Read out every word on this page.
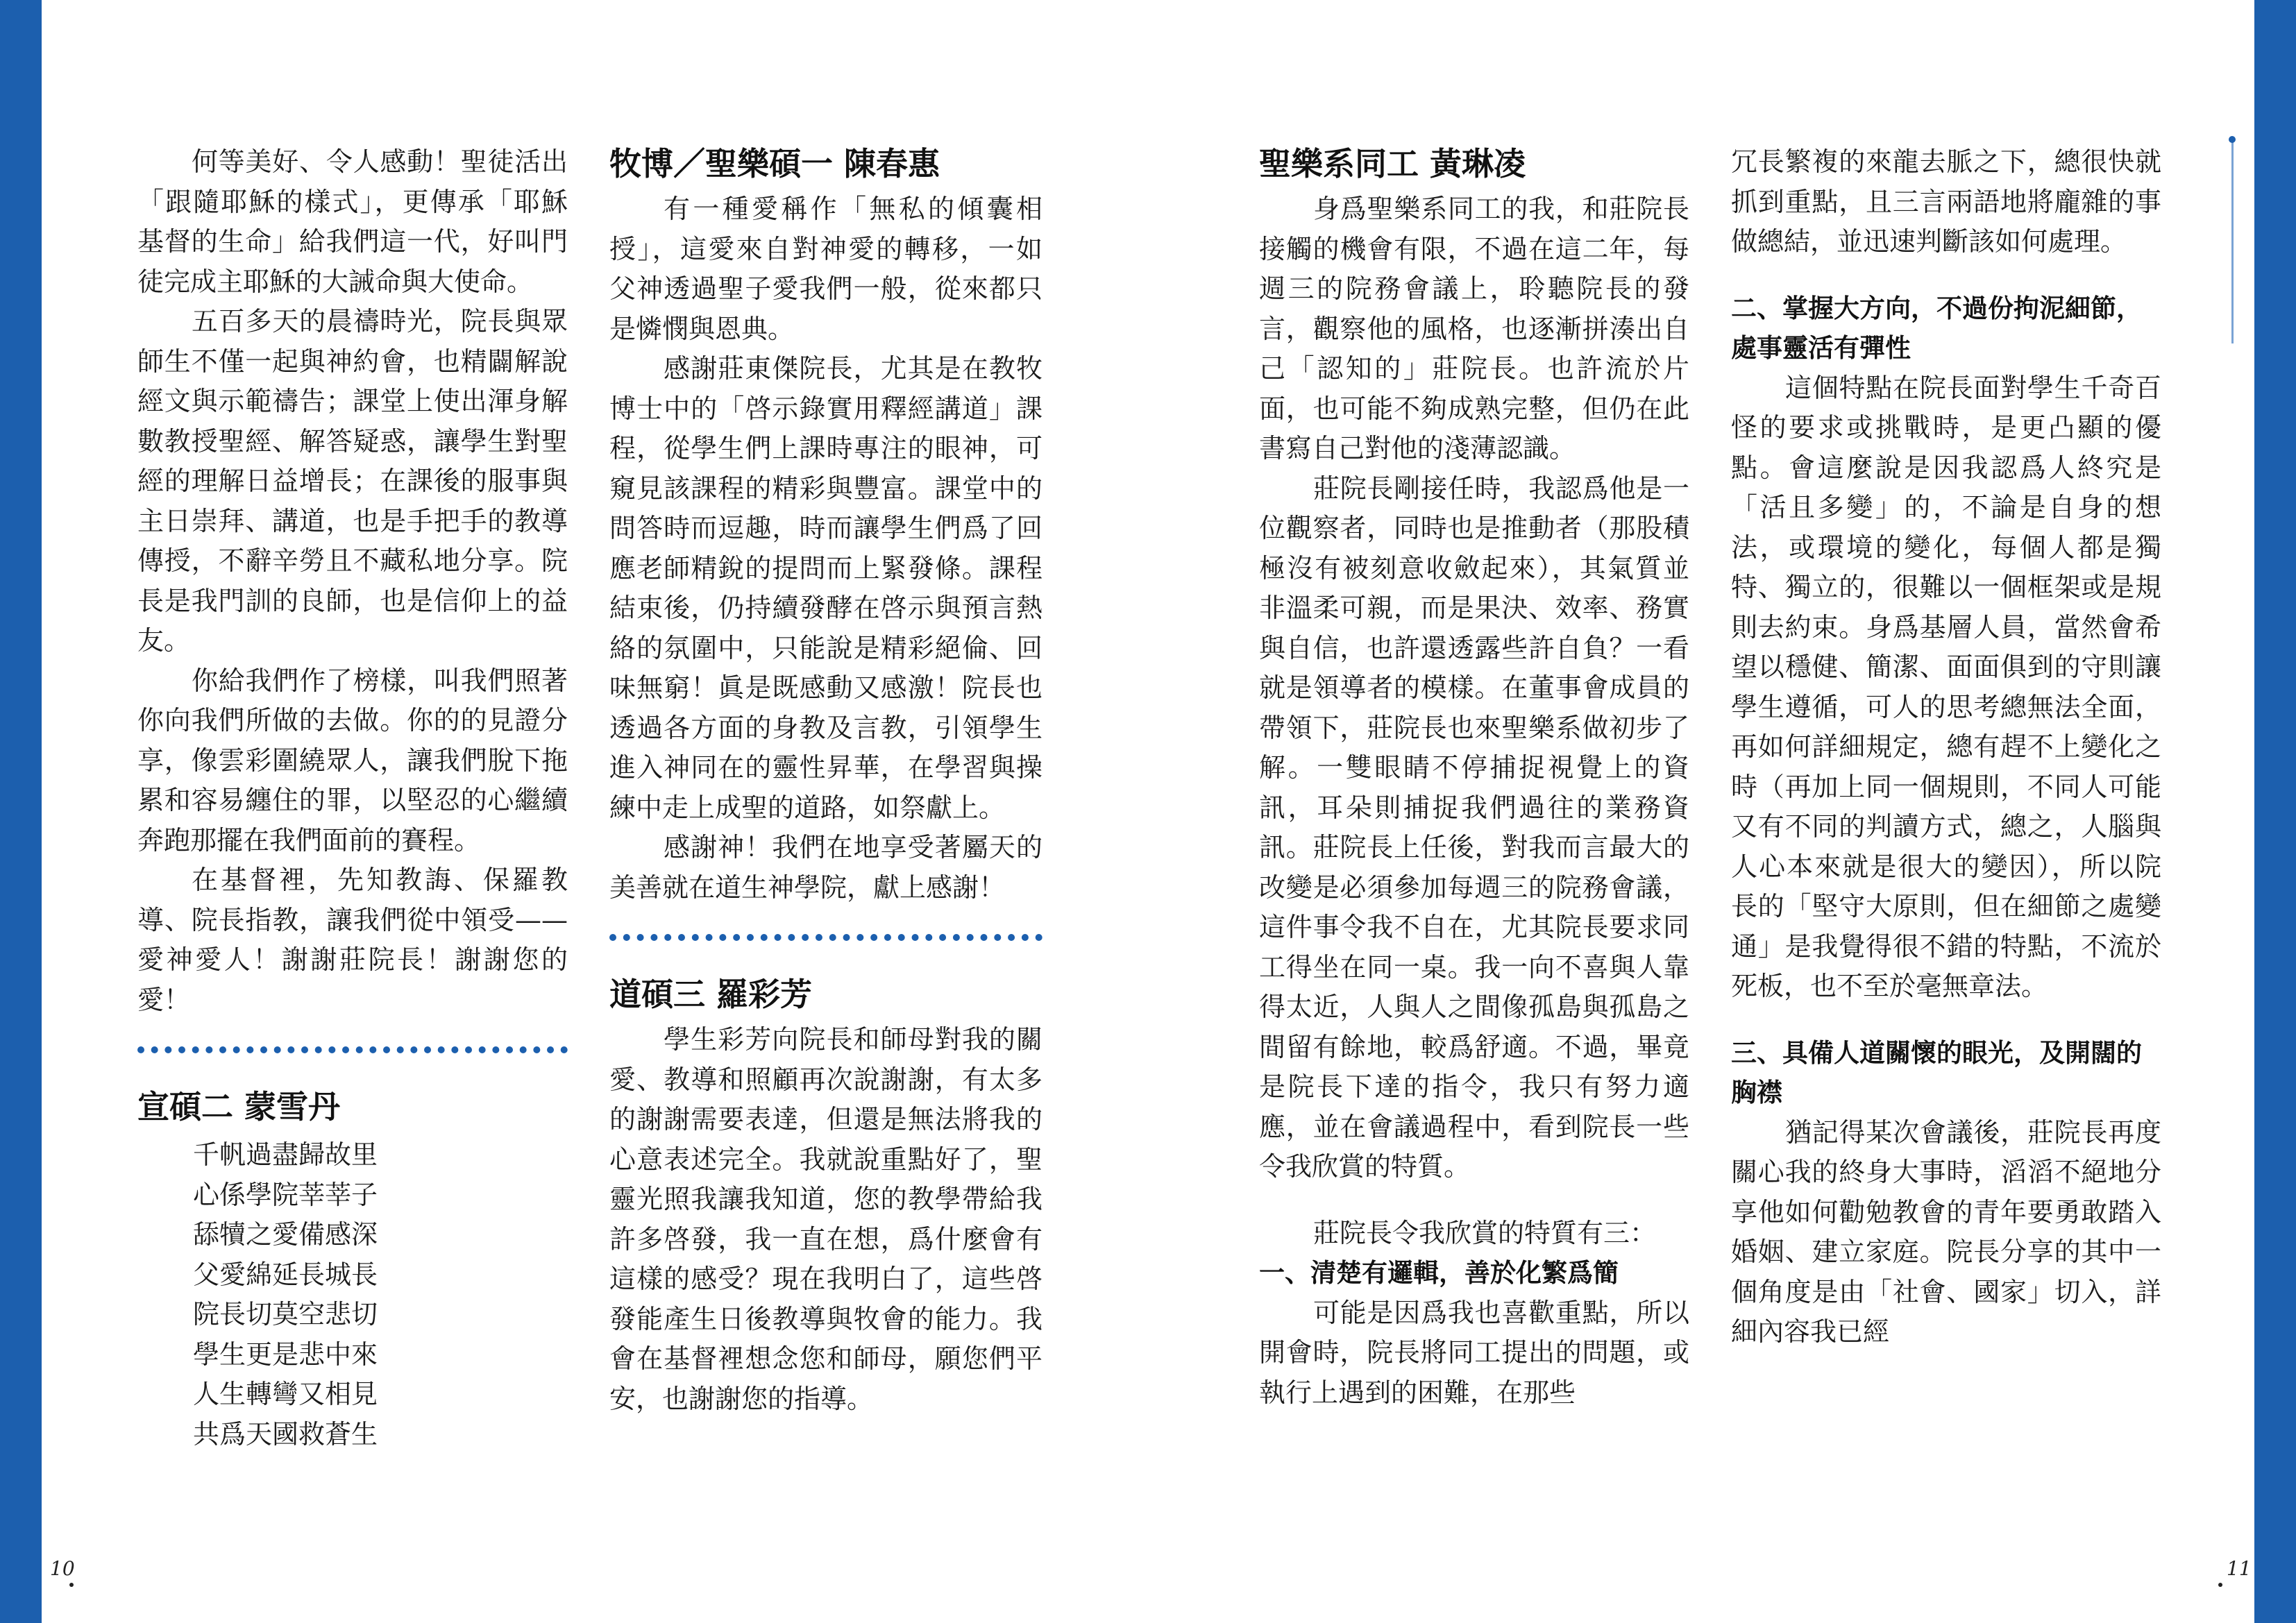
何等美好、令人感動！聖徒活出「跟隨耶穌的樣式」，更傳承「耶穌基督的生命」給我們這一代，好叫門徒完成主耶穌的大誡命與大使命。

五百多天的晨禱時光，院長與眾師生不僅一起與神約會，也精闢解說經文與示範禱告；課堂上使出渾身解數教授聖經、解答疑惑，讓學生對聖經的理解日益增長；在課後的服事與主日崇拜、講道，也是手把手的教導傳授，不辭辛勞且不藏私地分享。院長是我門訓的良師，也是信仰上的益友。

你給我們作了榜樣，叫我們照著你向我們所做的去做。你的的見證分享，像雲彩圍繞眾人，讓我們脫下拖累和容易纏住的罪，以堅忍的心繼續奔跑那擺在我們面前的賽程。

在基督裡，先知教誨、保羅教導、院長指教，讓我們從中領受——愛神愛人！謝謝莊院長！謝謝您的愛！

宣碩二 蒙雪丹
千帆過盡歸故里
心係學院莘莘子
舔犢之愛備感深
父愛綿延長城長
院長切莫空悲切
學生更是悲中來
人生轉彎又相見
共爲天國救蒼生
牧博／聖樂碩一 陳春惠

有一種愛稱作「無私的傾囊相授」，這愛來自對神愛的轉移，一如父神透過聖子愛我們一般，從來都只是憐憫與恩典。

感謝莊東傑院長，尤其是在教牧博士中的「啓示錄實用釋經講道」課程，從學生們上課時專注的眼神，可窺見該課程的精彩與豐富。課堂中的問答時而逗趣，時而讓學生們爲了回應老師精銳的提問而上緊發條。課程結束後，仍持續發酵在啓示與預言熱絡的氛圍中，只能說是精彩絕倫、回味無窮！眞是既感動又感激！院長也透過各方面的身教及言教，引領學生進入神同在的靈性昇華，在學習與操練中走上成聖的道路，如祭獻上。

感謝神！我們在地享受著屬天的美善就在道生神學院，獻上感謝！

道碩三 羅彩芳

學生彩芳向院長和師母對我的關愛、教導和照顧再次說謝謝，有太多的謝謝需要表達，但還是無法將我的心意表述完全。我就說重點好了，聖靈光照我讓我知道，您的教學帶給我許多啓發，我一直在想，爲什麼會有這樣的感受？現在我明白了，這些啓發能產生日後教導與牧會的能力。我會在基督裡想念您和師母，願您們平安，也謝謝您的指導。

聖樂系同工 黃琳凌

身爲聖樂系同工的我，和莊院長接觸的機會有限，不過在這二年，每週三的院務會議上，聆聽院長的發言，觀察他的風格，也逐漸拼湊出自己「認知的」莊院長。也許流於片面，也可能不夠成熟完整，但仍在此書寫自己對他的淺薄認識。

莊院長剛接任時，我認爲他是一位觀察者，同時也是推動者（那股積極沒有被刻意收斂起來），其氣質並非溫柔可親，而是果決、效率、務實與自信，也許還透露些許自負？一看就是領導者的模樣。在董事會成員的帶領下，莊院長也來聖樂系做初步了解。一雙眼睛不停捕捉視覺上的資訊，耳朵則捕捉我們過往的業務資訊。莊院長上任後，對我而言最大的改變是必須參加每週三的院務會議，這件事令我不自在，尤其院長要求同工得坐在同一桌。我一向不喜與人靠得太近，人與人之間像孤島與孤島之間留有餘地，較爲舒適。不過，畢竟是院長下達的指令，我只有努力適應，並在會議過程中，看到院長一些令我欣賞的特質。

莊院長令我欣賞的特質有三：

一、清楚有邏輯，善於化繁爲簡

可能是因爲我也喜歡重點，所以開會時，院長將同工提出的問題，或執行上遇到的困難，在那些

冗長繁複的來龍去脈之下，總很快就抓到重點，且三言兩語地將龐雜的事做總結，並迅速判斷該如何處理。

二、掌握大方向，不過份拘泥細節，處事靈活有彈性

這個特點在院長面對學生千奇百怪的要求或挑戰時，是更凸顯的優點。會這麼說是因我認爲人終究是「活且多變」的，不論是自身的想法，或環境的變化，每個人都是獨特、獨立的，很難以一個框架或是規則去約束。身爲基層人員，當然會希望以穩健、簡潔、面面俱到的守則讓學生遵循，可人的思考總無法全面，再如何詳細規定，總有趕不上變化之時（再加上同一個規則，不同人可能又有不同的判讀方式，總之，人腦與人心本來就是很大的變因），所以院長的「堅守大原則，但在細節之處變通」是我覺得很不錯的特點，不流於死板，也不至於毫無章法。

三、具備人道關懷的眼光，及開闊的胸襟

猶記得某次會議後，莊院長再度關心我的終身大事時，滔滔不絕地分享他如何勸勉教會的青年要勇敢踏入婚姻、建立家庭。院長分享的其中一個角度是由「社會、國家」切入，詳細內容我已經

10	11
